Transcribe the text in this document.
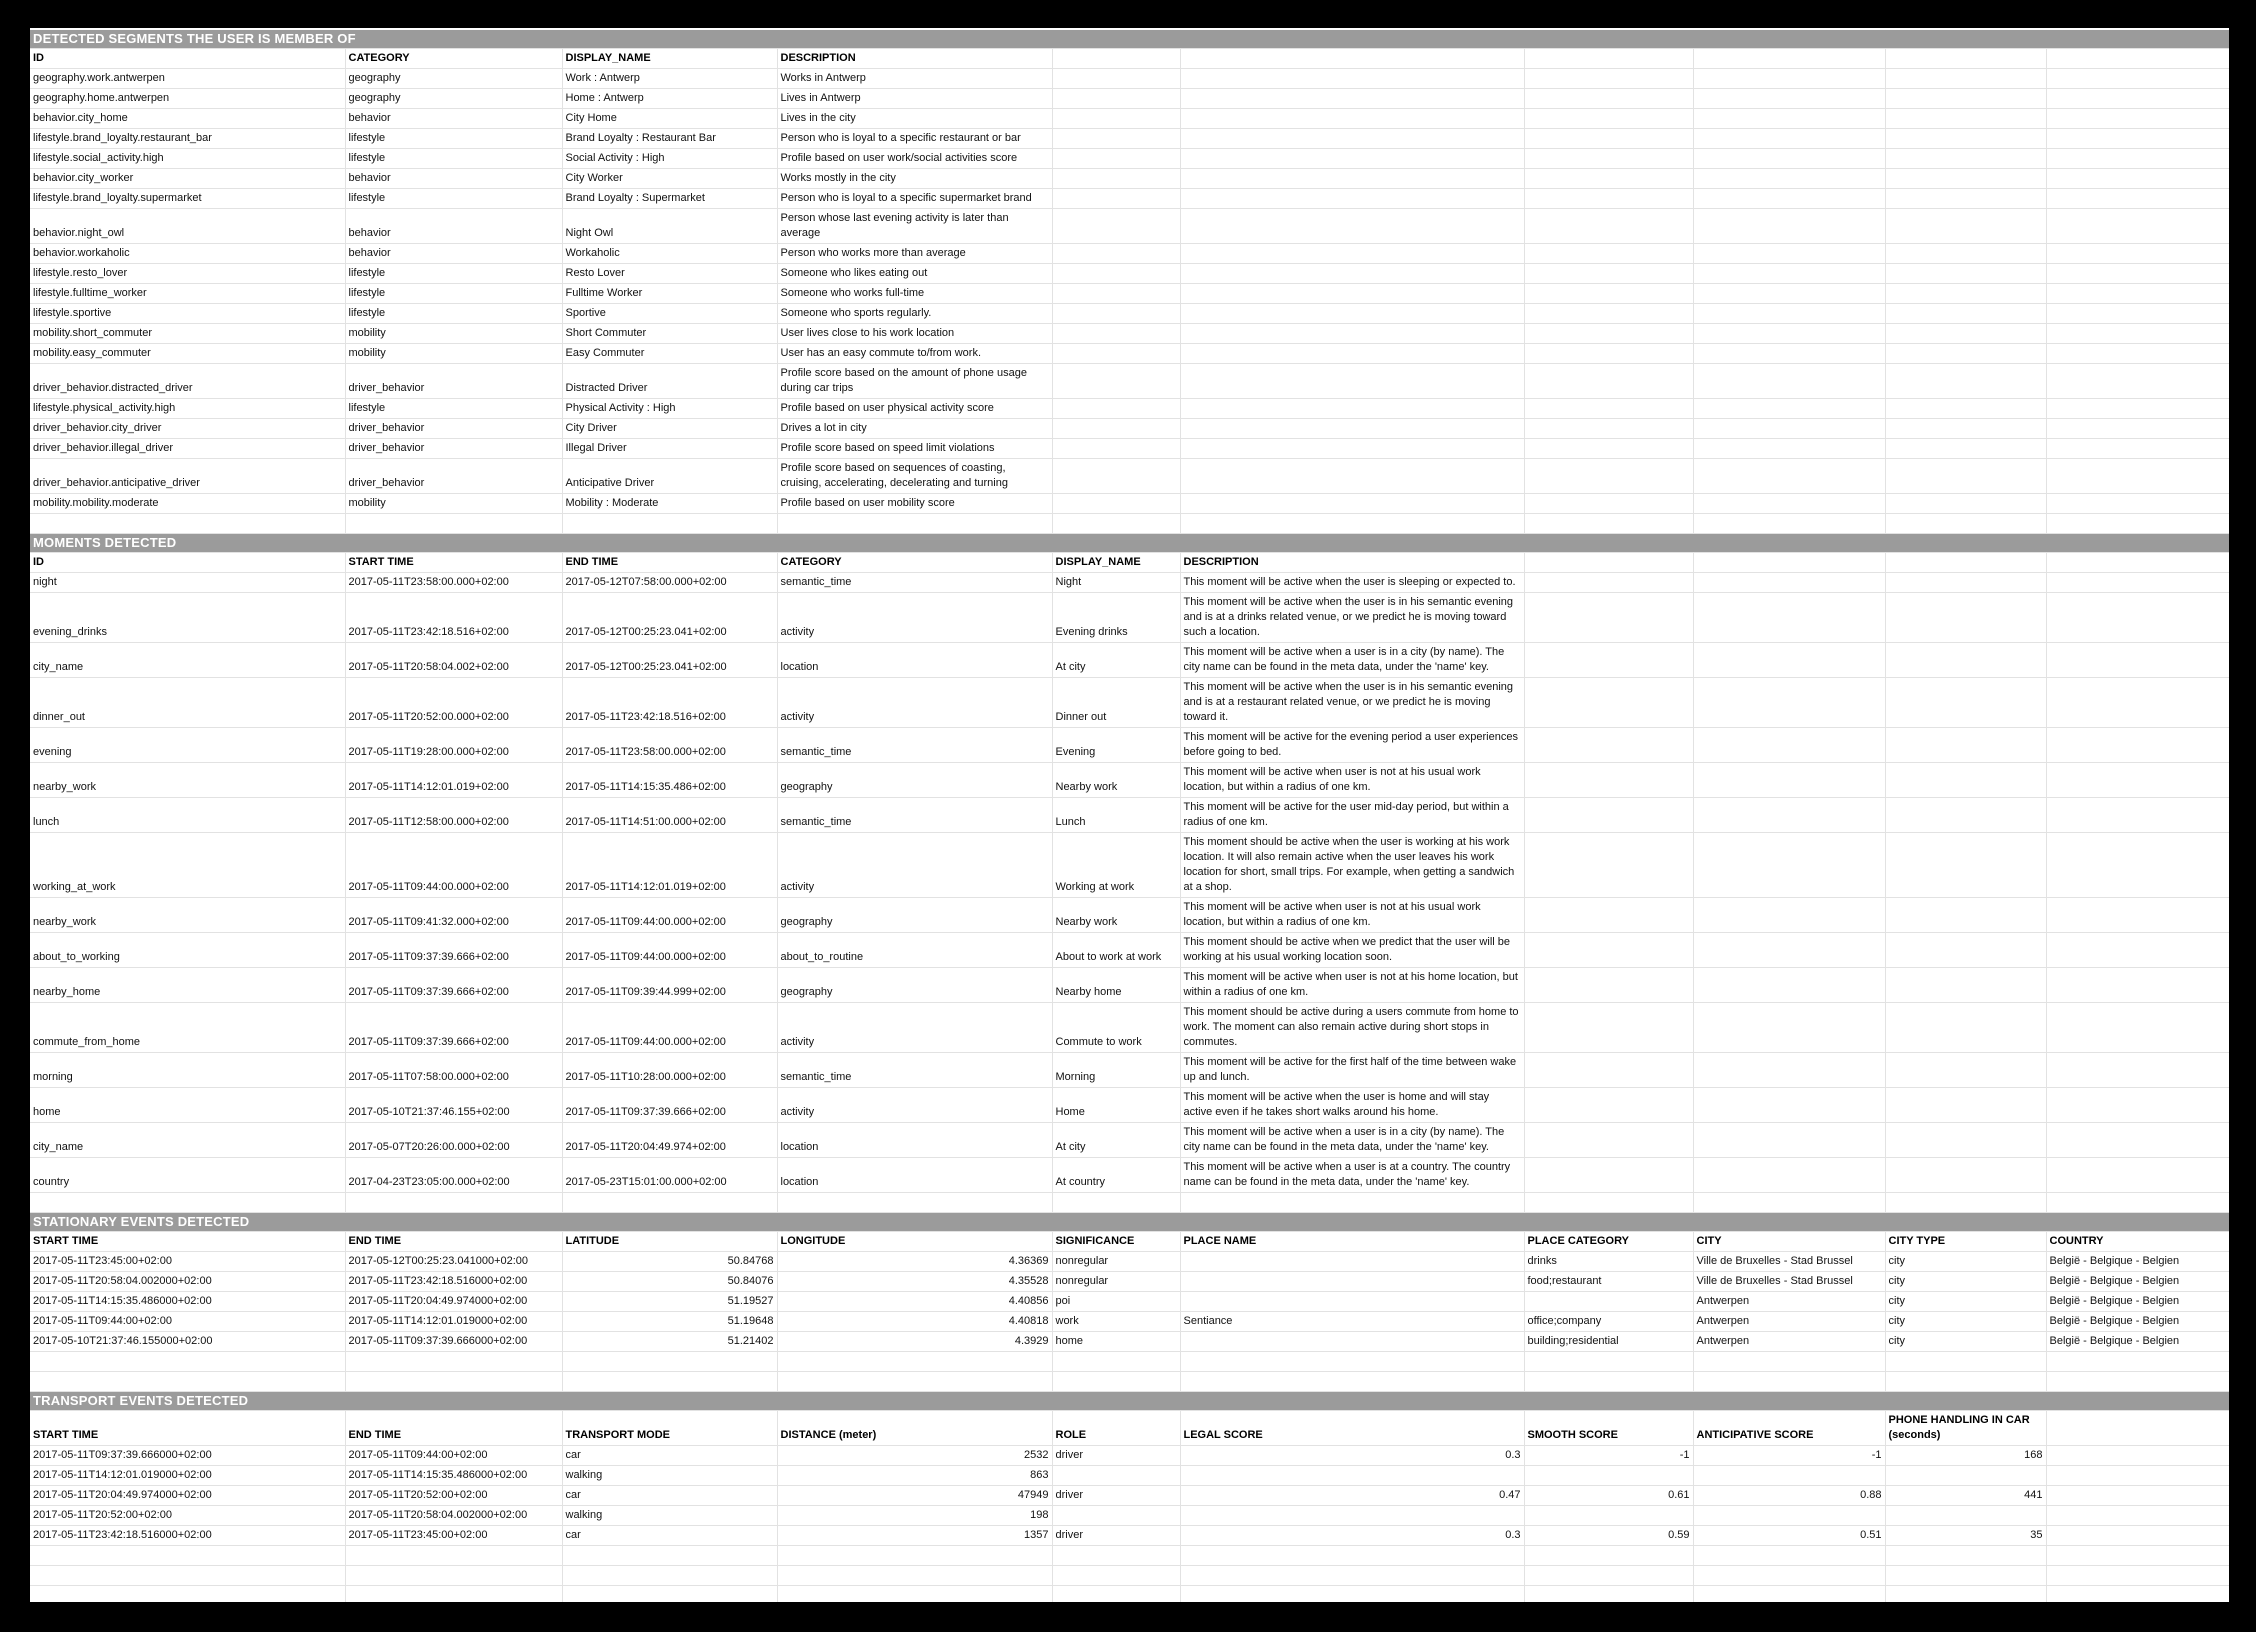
DETECTED SEGMENTS THE USER IS MEMBER OF
ID	CATEGORY	DISPLAY_NAME	DESCRIPTION						
geography.work.antwerpen	geography	Work : Antwerp	Works in Antwerp						
geography.home.antwerpen	geography	Home : Antwerp	Lives in Antwerp						
behavior.city_home	behavior	City Home	Lives in the city						
lifestyle.brand_loyalty.restaurant_bar	lifestyle	Brand Loyalty : Restaurant Bar	Person who is loyal to a specific restaurant or bar						
lifestyle.social_activity.high	lifestyle	Social Activity : High	Profile based on user work/social activities score						
behavior.city_worker	behavior	City Worker	Works mostly in the city						
lifestyle.brand_loyalty.supermarket	lifestyle	Brand Loyalty : Supermarket	Person who is loyal to a specific supermarket brand						
behavior.night_owl	behavior	Night Owl	Person whose last evening activity is later than average						
behavior.workaholic	behavior	Workaholic	Person who works more than average						
lifestyle.resto_lover	lifestyle	Resto Lover	Someone who likes eating out						
lifestyle.fulltime_worker	lifestyle	Fulltime Worker	Someone who works full-time						
lifestyle.sportive	lifestyle	Sportive	Someone who sports regularly.						
mobility.short_commuter	mobility	Short Commuter	User lives close to his work location						
mobility.easy_commuter	mobility	Easy Commuter	User has an easy commute to/from work.						
driver_behavior.distracted_driver	driver_behavior	Distracted Driver	Profile score based on the amount of phone usage during car trips						
lifestyle.physical_activity.high	lifestyle	Physical Activity : High	Profile based on user physical activity score						
driver_behavior.city_driver	driver_behavior	City Driver	Drives a lot in city						
driver_behavior.illegal_driver	driver_behavior	Illegal Driver	Profile score based on speed limit violations						
driver_behavior.anticipative_driver	driver_behavior	Anticipative Driver	Profile score based on sequences of coasting, cruising, accelerating, decelerating and turning						
mobility.mobility.moderate	mobility	Mobility : Moderate	Profile based on user mobility score						

MOMENTS DETECTED
ID	START TIME	END TIME	CATEGORY	DISPLAY_NAME	DESCRIPTION				
night	2017-05-11T23:58:00.000+02:00	2017-05-12T07:58:00.000+02:00	semantic_time	Night	This moment will be active when the user is sleeping or expected to.				
evening_drinks	2017-05-11T23:42:18.516+02:00	2017-05-12T00:25:23.041+02:00	activity	Evening drinks	This moment will be active when the user is in his semantic evening and is at a drinks related venue, or we predict he is moving toward such a location.				
city_name	2017-05-11T20:58:04.002+02:00	2017-05-12T00:25:23.041+02:00	location	At city	This moment will be active when a user is in a city (by name). The city name can be found in the meta data, under the 'name' key.				
dinner_out	2017-05-11T20:52:00.000+02:00	2017-05-11T23:42:18.516+02:00	activity	Dinner out	This moment will be active when the user is in his semantic evening and is at a restaurant related venue, or we predict he is moving toward it.				
evening	2017-05-11T19:28:00.000+02:00	2017-05-11T23:58:00.000+02:00	semantic_time	Evening	This moment will be active for the evening period a user experiences before going to bed.				
nearby_work	2017-05-11T14:12:01.019+02:00	2017-05-11T14:15:35.486+02:00	geography	Nearby work	This moment will be active when user is not at his usual work location, but within a radius of one km.				
lunch	2017-05-11T12:58:00.000+02:00	2017-05-11T14:51:00.000+02:00	semantic_time	Lunch	This moment will be active for the user mid-day period, but within a radius of one km.				
working_at_work	2017-05-11T09:44:00.000+02:00	2017-05-11T14:12:01.019+02:00	activity	Working at work	This moment should be active when the user is working at his work location. It will also remain active when the user leaves his work location for short, small trips. For example, when getting a sandwich at a shop.				
nearby_work	2017-05-11T09:41:32.000+02:00	2017-05-11T09:44:00.000+02:00	geography	Nearby work	This moment will be active when user is not at his usual work location, but within a radius of one km.				
about_to_working	2017-05-11T09:37:39.666+02:00	2017-05-11T09:44:00.000+02:00	about_to_routine	About to work at work	This moment should be active when we predict that the user will be working at his usual working location soon.				
nearby_home	2017-05-11T09:37:39.666+02:00	2017-05-11T09:39:44.999+02:00	geography	Nearby home	This moment will be active when user is not at his home location, but within a radius of one km.				
commute_from_home	2017-05-11T09:37:39.666+02:00	2017-05-11T09:44:00.000+02:00	activity	Commute to work	This moment should be active during a users commute from home to work. The moment can also remain active during short stops in commutes.				
morning	2017-05-11T07:58:00.000+02:00	2017-05-11T10:28:00.000+02:00	semantic_time	Morning	This moment will be active for the first half of the time between wake up and lunch.				
home	2017-05-10T21:37:46.155+02:00	2017-05-11T09:37:39.666+02:00	activity	Home	This moment will be active when the user is home and will stay active even if he takes short walks around his home.				
city_name	2017-05-07T20:26:00.000+02:00	2017-05-11T20:04:49.974+02:00	location	At city	This moment will be active when a user is in a city (by name). The city name can be found in the meta data, under the 'name' key.				
country	2017-04-23T23:05:00.000+02:00	2017-05-23T15:01:00.000+02:00	location	At country	This moment will be active when a user is at a country. The country name can be found in the meta data, under the 'name' key.				

STATIONARY EVENTS DETECTED
START TIME	END TIME	LATITUDE	LONGITUDE	SIGNIFICANCE	PLACE NAME	PLACE CATEGORY	CITY	CITY TYPE	COUNTRY
2017-05-11T23:45:00+02:00	2017-05-12T00:25:23.041000+02:00	50.84768	4.36369	nonregular		drinks	Ville de Bruxelles - Stad Brussel	city	België - Belgique - Belgien
2017-05-11T20:58:04.002000+02:00	2017-05-11T23:42:18.516000+02:00	50.84076	4.35528	nonregular		food;restaurant	Ville de Bruxelles - Stad Brussel	city	België - Belgique - Belgien
2017-05-11T14:15:35.486000+02:00	2017-05-11T20:04:49.974000+02:00	51.19527	4.40856	poi			Antwerpen	city	België - Belgique - Belgien
2017-05-11T09:44:00+02:00	2017-05-11T14:12:01.019000+02:00	51.19648	4.40818	work	Sentiance	office;company	Antwerpen	city	België - Belgique - Belgien
2017-05-10T21:37:46.155000+02:00	2017-05-11T09:37:39.666000+02:00	51.21402	4.3929	home		building;residential	Antwerpen	city	België - Belgique - Belgien

TRANSPORT EVENTS DETECTED
START TIME	END TIME	TRANSPORT MODE	DISTANCE (meter)	ROLE	LEGAL SCORE	SMOOTH SCORE	ANTICIPATIVE SCORE	PHONE HANDLING IN CAR (seconds)	
2017-05-11T09:37:39.666000+02:00	2017-05-11T09:44:00+02:00	car	2532	driver	0.3	-1	-1	168	
2017-05-11T14:12:01.019000+02:00	2017-05-11T14:15:35.486000+02:00	walking	863						
2017-05-11T20:04:49.974000+02:00	2017-05-11T20:52:00+02:00	car	47949	driver	0.47	0.61	0.88	441	
2017-05-11T20:52:00+02:00	2017-05-11T20:58:04.002000+02:00	walking	198						
2017-05-11T23:42:18.516000+02:00	2017-05-11T23:45:00+02:00	car	1357	driver	0.3	0.59	0.51	35	
